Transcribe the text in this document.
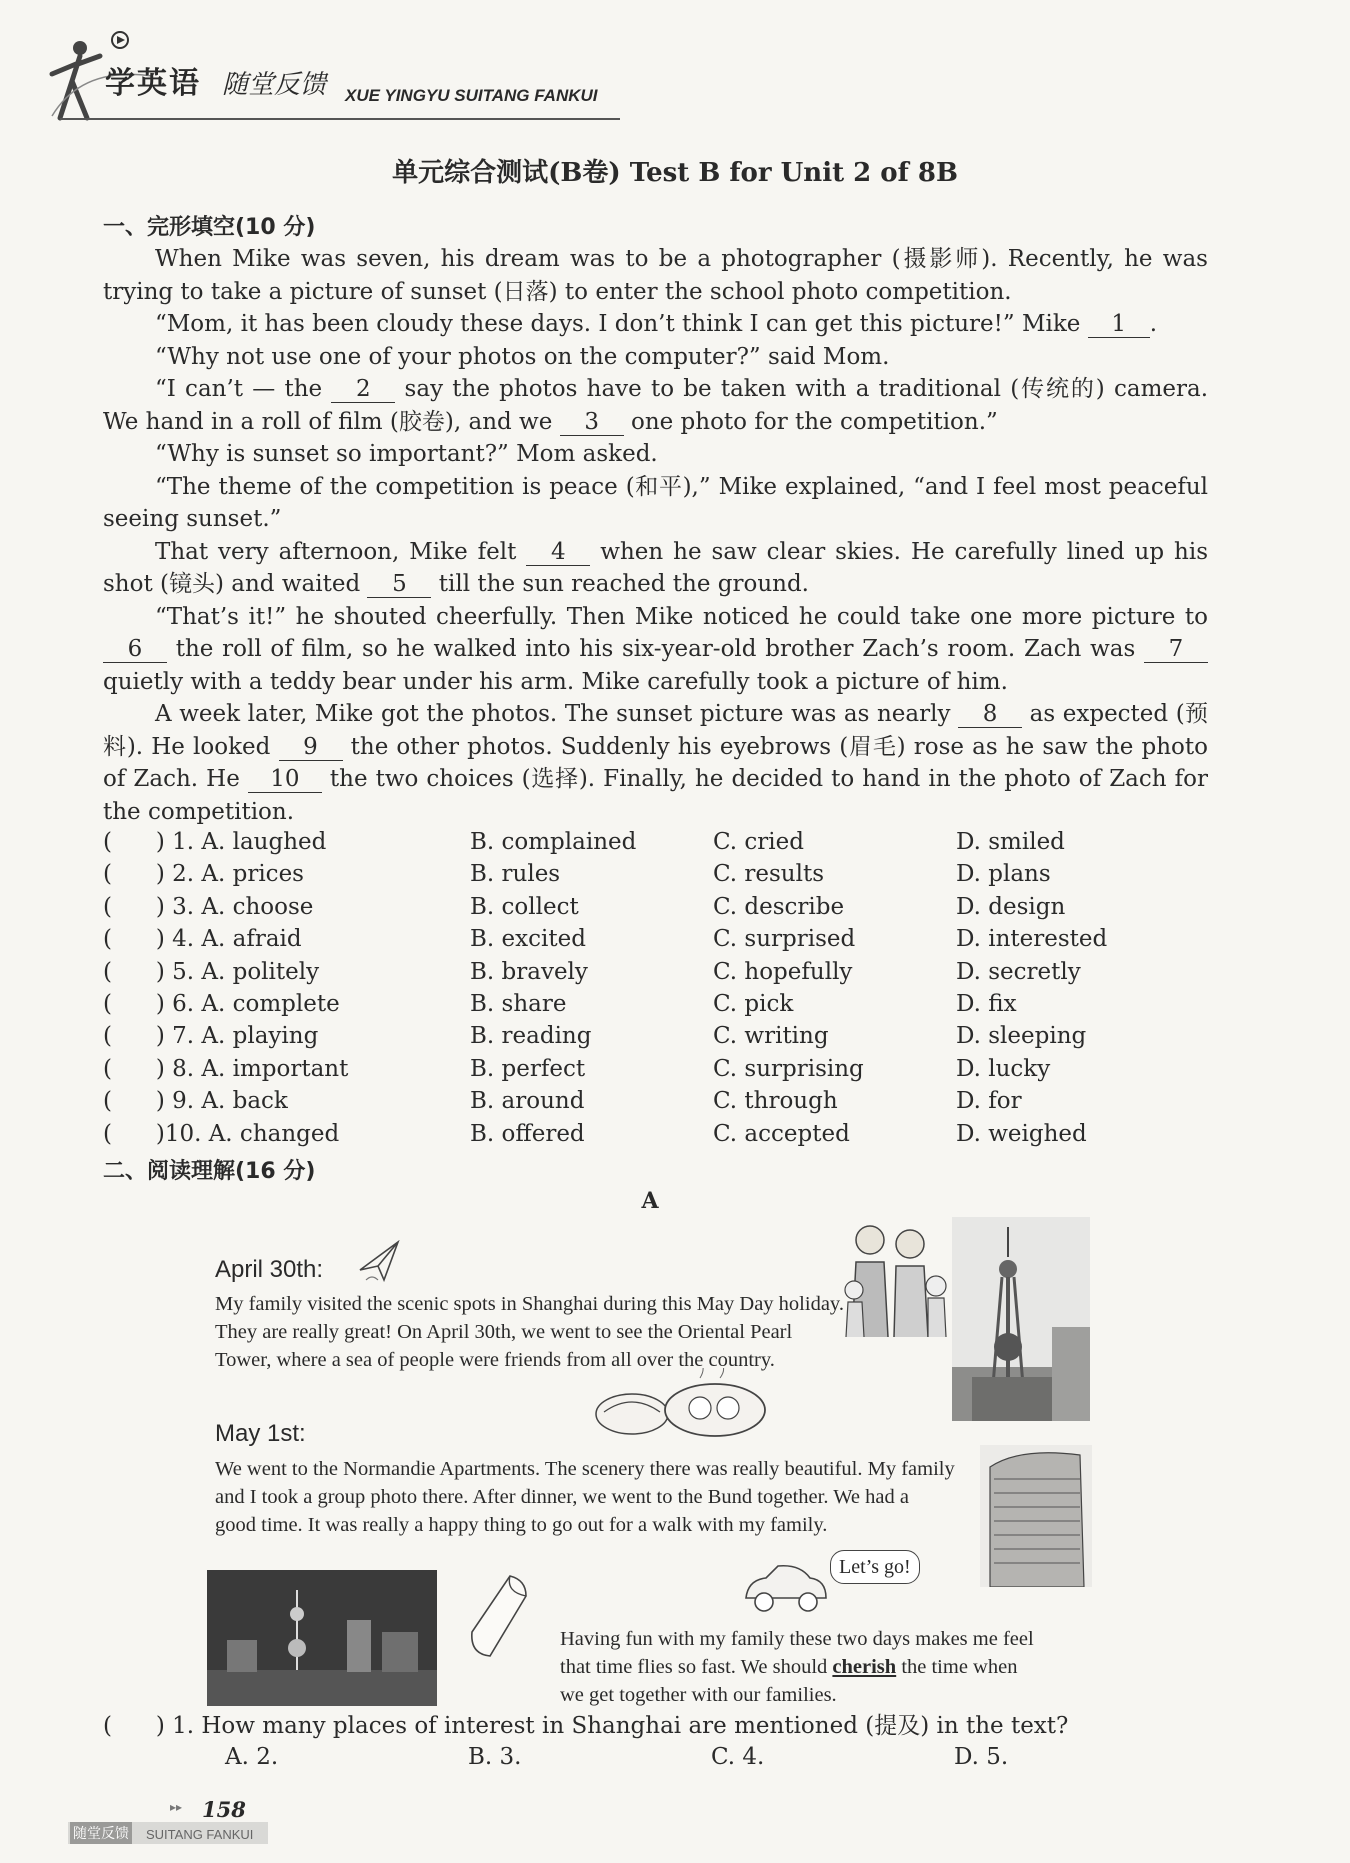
学英语 随堂反馈 XUE YINGYU SUITANG FANKUI
单元综合测试(B卷) Test B for Unit 2 of 8B
一、完形填空(10 分)

When Mike was seven, his dream was to be a photographer (摄影师). Recently, he was trying to take a picture of sunset (日落) to enter the school photo competition.

“Mom, it has been cloudy these days. I don’t think I can get this picture!” Mike 1 .

“Why not use one of your photos on the computer?” said Mom.

“I can’t — the 2 say the photos have to be taken with a traditional (传统的) camera. We hand in a roll of film (胶卷), and we 3 one photo for the competition.”

“Why is sunset so important?” Mom asked.

“The theme of the competition is peace (和平),” Mike explained, “and I feel most peaceful seeing sunset.”

That very afternoon, Mike felt 4 when he saw clear skies. He carefully lined up his shot (镜头) and waited 5 till the sun reached the ground.

“That’s it!” he shouted cheerfully. Then Mike noticed he could take one more picture to 6 the roll of film, so he walked into his six-year-old brother Zach’s room. Zach was 7 quietly with a teddy bear under his arm. Mike carefully took a picture of him.

A week later, Mike got the photos. The sunset picture was as nearly 8 as expected (预料). He looked 9 the other photos. Suddenly his eyebrows (眉毛) rose as he saw the photo of Zach. He 10 the two choices (选择). Finally, he decided to hand in the photo of Zach for the competition.

(      ) 1. A. laughed	B. complained	C. cried	D. smiled
(      ) 2. A. prices	B. rules	C. results	D. plans
(      ) 3. A. choose	B. collect	C. describe	D. design
(      ) 4. A. afraid	B. excited	C. surprised	D. interested
(      ) 5. A. politely	B. bravely	C. hopefully	D. secretly
(      ) 6. A. complete	B. share	C. pick	D. fix
(      ) 7. A. playing	B. reading	C. writing	D. sleeping
(      ) 8. A. important	B. perfect	C. surprising	D. lucky
(      ) 9. A. back	B. around	C. through	D. for
(      )10. A. changed	B. offered	C. accepted	D. weighed
二、阅读理解(16 分)
A
April 30th:
My family visited the scenic spots in Shanghai during this May Day holiday. They are really great! On April 30th, we went to see the Oriental Pearl Tower, where a sea of people were friends from all over the country.
May 1st:
We went to the Normandie Apartments. The scenery there was really beautiful. My family and I took a group photo there. After dinner, we went to the Bund together. We had a good time. It was really a happy thing to go out for a walk with my family.
Let’s go!
Having fun with my family these two days makes me feel that time flies so fast. We should cherish the time when we get together with our families.
(      ) 1. How many places of interest in Shanghai are mentioned (提及) in the text?
A. 2.	B. 3.	C. 4.	D. 5.
▸▸ 158
随堂反馈 SUITANG FANKUI
